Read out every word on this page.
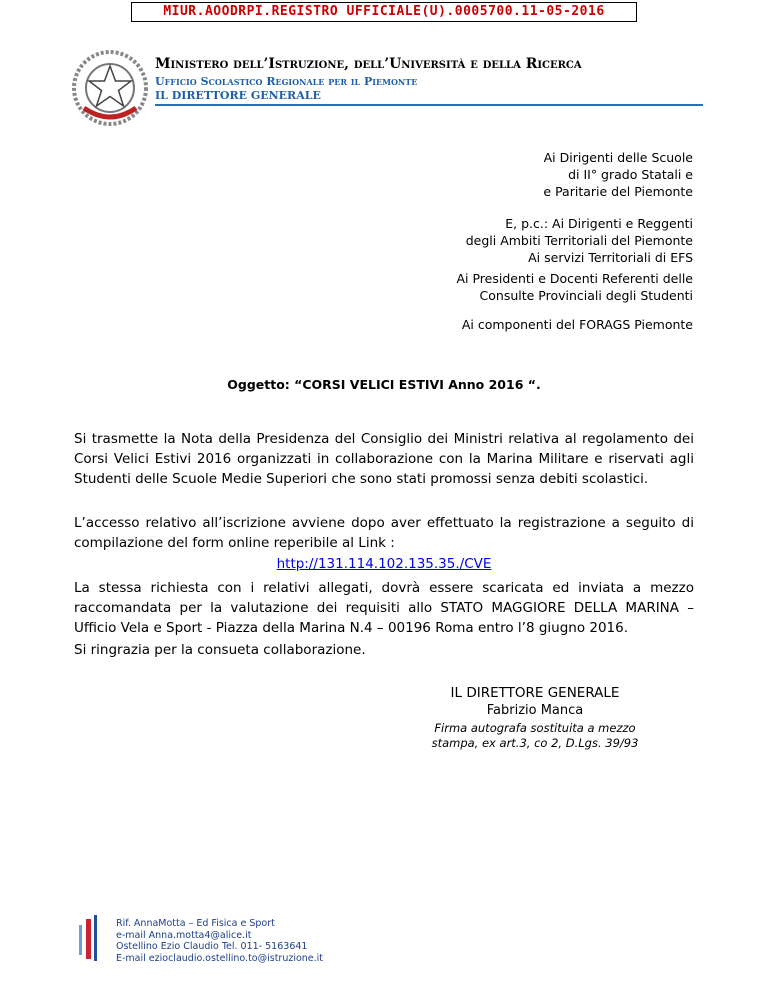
MIUR.AOODRPI.REGISTRO UFFICIALE(U).0005700.11-05-2016
Ministero dell’Istruzione, dell’Università e della Ricerca
Ufficio Scolastico Regionale per il Piemonte
IL DIRETTORE GENERALE
Ai Dirigenti delle Scuole
di II° grado Statali e
e Paritarie del Piemonte
E, p.c.: Ai Dirigenti e Reggenti
degli Ambiti Territoriali del Piemonte
Ai servizi Territoriali di EFS
Ai Presidenti e Docenti Referenti delle
Consulte Provinciali degli Studenti
Ai componenti del FORAGS Piemonte
Oggetto: “CORSI VELICI ESTIVI Anno 2016 “.
Si trasmette la Nota della Presidenza del Consiglio dei Ministri relativa al regolamento dei Corsi Velici Estivi 2016 organizzati in collaborazione con la Marina Militare e riservati agli Studenti delle Scuole Medie Superiori che sono stati promossi senza debiti scolastici.
L’accesso relativo all’iscrizione avviene dopo aver effettuato la registrazione a seguito di compilazione del form online reperibile al Link :
http://131.114.102.135.35./CVE
La stessa richiesta con i relativi allegati, dovrà essere scaricata ed inviata a mezzo raccomandata per la valutazione dei requisiti allo STATO MAGGIORE DELLA MARINA – Ufficio Vela e Sport - Piazza della Marina N.4 – 00196 Roma entro l’8 giugno 2016.
Si ringrazia per la consueta collaborazione.
IL DIRETTORE GENERALE
Fabrizio Manca
Firma autografa sostituita a mezzo
stampa, ex art.3, co 2, D.Lgs. 39/93
Rif. AnnaMotta – Ed Fisica e Sport
e-mail Anna.motta4@alice.it
Ostellino Ezio Claudio Tel. 011- 5163641
E-mail ezioclaudio.ostellino.to@istruzione.it
